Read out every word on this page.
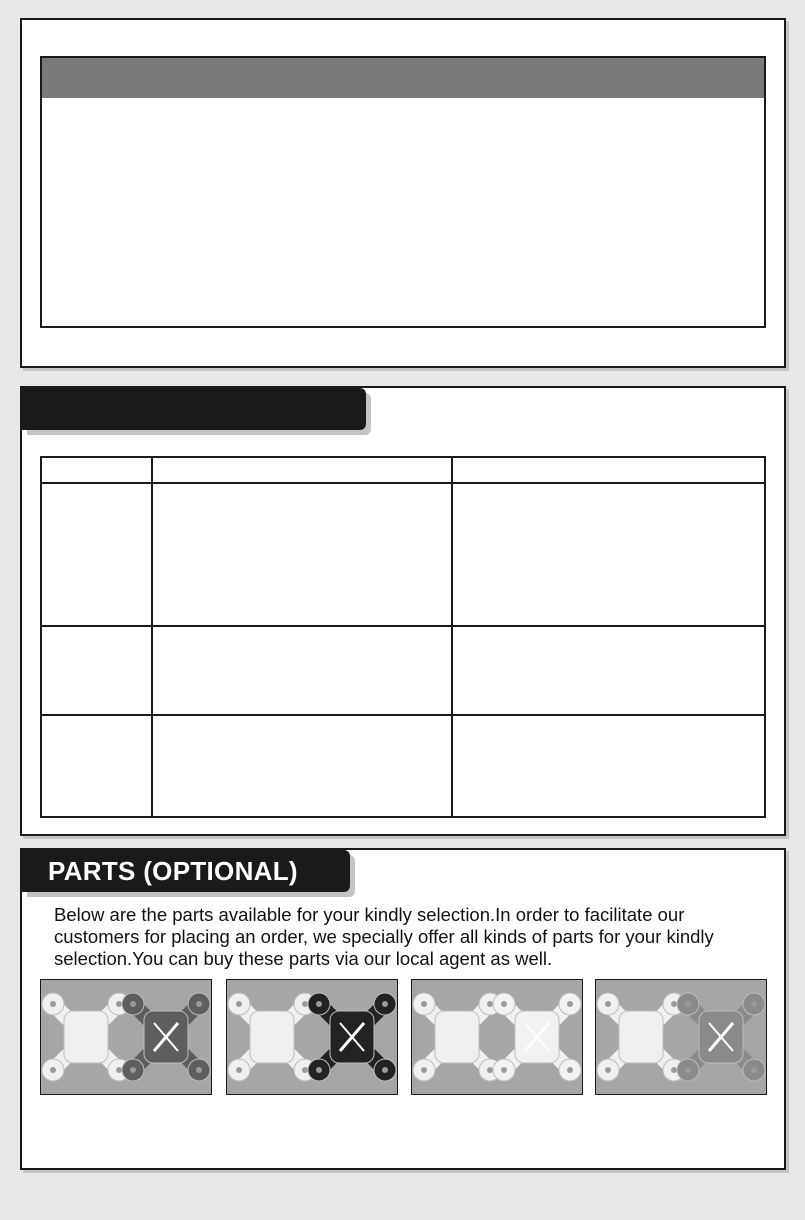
PARTS (OPTIONAL)
Below are the parts available for your kindly selection.In order to facilitate our customers for placing an order, we specially offer all kinds of parts for your kindly selection.You can buy these parts via our local agent as well.
